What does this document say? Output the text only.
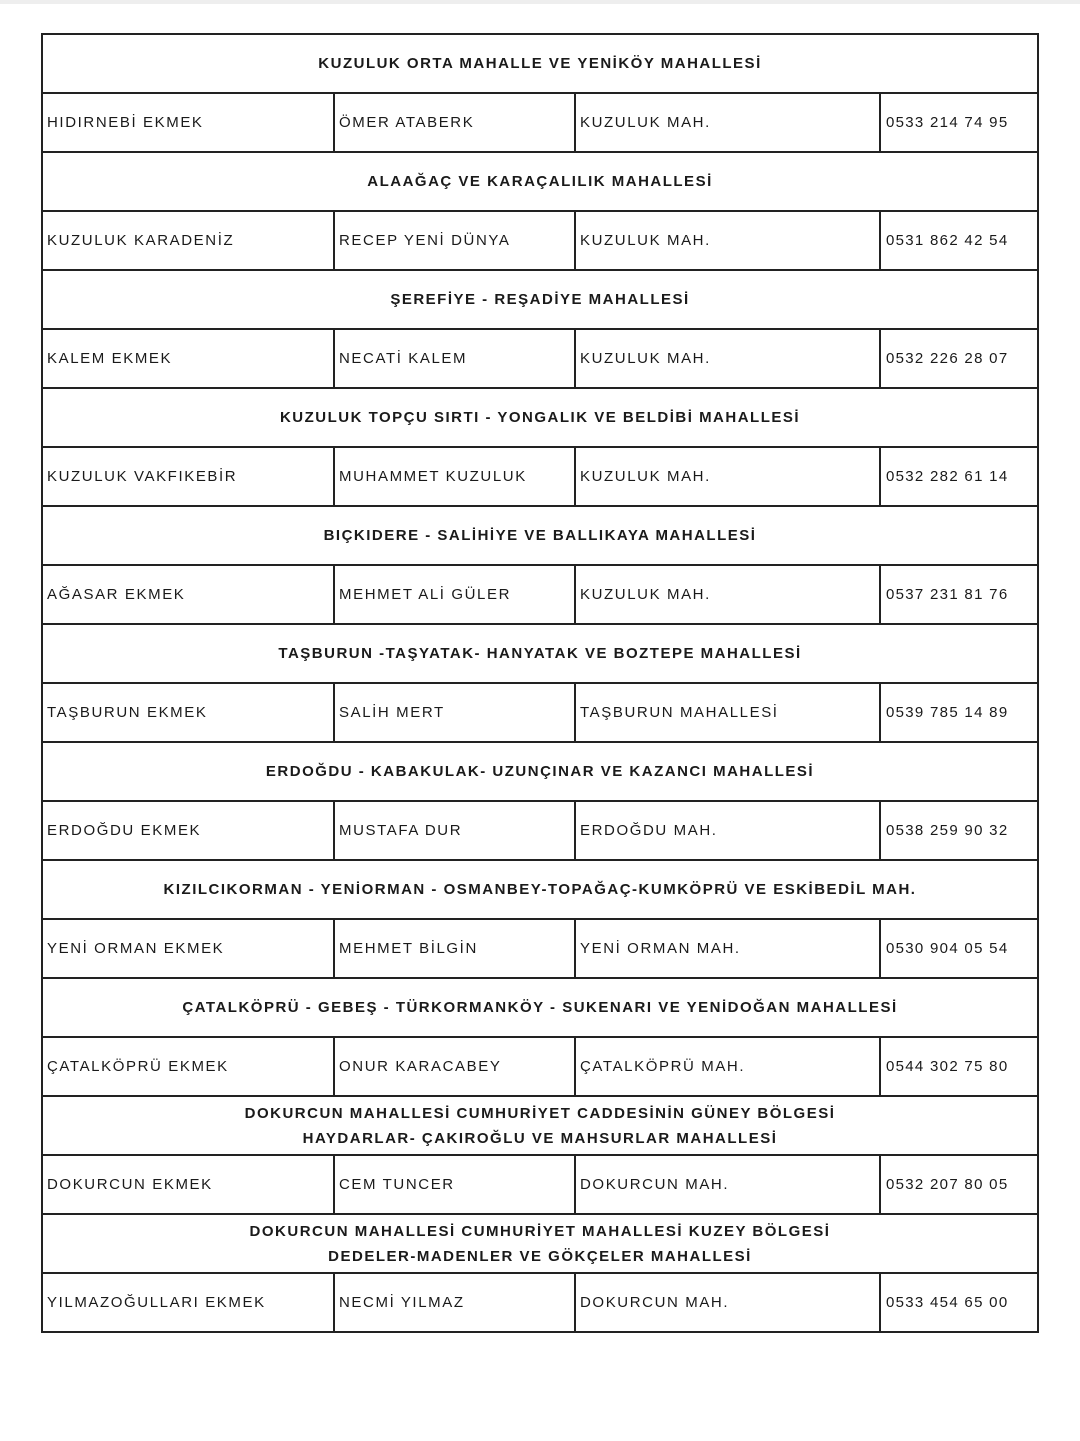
KUZULUK ORTA MAHALLE VE YENİKÖY MAHALLESİ			

HIDIRNEBİ EKMEK	ÖMER ATABERK	KUZULUK MAH.	0533 214 74 95

ALAAĞAÇ VE KARAÇALILIK MAHALLESİ			

KUZULUK KARADENİZ	RECEP YENİ DÜNYA	KUZULUK MAH.	0531 862 42 54

ŞEREFİYE - REŞADİYE MAHALLESİ			

KALEM EKMEK	NECATİ KALEM	KUZULUK MAH.	0532 226 28 07

KUZULUK TOPÇU SIRTI - YONGALIK VE BELDİBİ MAHALLESİ			

KUZULUK VAKFIKEBİR	MUHAMMET KUZULUK	KUZULUK MAH.	0532 282 61 14

BIÇKIDERE - SALİHİYE VE BALLIKAYA MAHALLESİ			

AĞASAR EKMEK	MEHMET ALİ GÜLER	KUZULUK MAH.	0537 231 81 76

TAŞBURUN -TAŞYATAK- HANYATAK VE BOZTEPE MAHALLESİ			

TAŞBURUN EKMEK	SALİH MERT	TAŞBURUN MAHALLESİ	0539 785 14 89

ERDOĞDU - KABAKULAK- UZUNÇINAR VE KAZANCI MAHALLESİ			

ERDOĞDU EKMEK	MUSTAFA DUR	ERDOĞDU MAH.	0538 259 90 32

KIZILCIKORMAN - YENİORMAN - OSMANBEY-TOPAĞAÇ-KUMKÖPRÜ VE ESKİBEDİL MAH.			

YENİ ORMAN EKMEK	MEHMET BİLGİN	YENİ ORMAN MAH.	0530 904 05 54

ÇATALKÖPRÜ - GEBEŞ - TÜRKORMANKÖY - SUKENARI VE YENİDOĞAN MAHALLESİ			

ÇATALKÖPRÜ EKMEK	ONUR KARACABEY	ÇATALKÖPRÜ MAH.	0544 302 75 80

DOKURCUN MAHALLESİ CUMHURİYET CADDESİNİN GÜNEY BÖLGESİ
HAYDARLAR- ÇAKIROĞLU VE MAHSURLAR MAHALLESİ			

DOKURCUN EKMEK	CEM TUNCER	DOKURCUN MAH.	0532 207 80 05

DOKURCUN MAHALLESİ CUMHURİYET MAHALLESİ KUZEY BÖLGESİ
DEDELER-MADENLER VE GÖKÇELER MAHALLESİ			

YILMAZOĞULLARI EKMEK	NECMİ YILMAZ	DOKURCUN MAH.	0533 454 65 00
